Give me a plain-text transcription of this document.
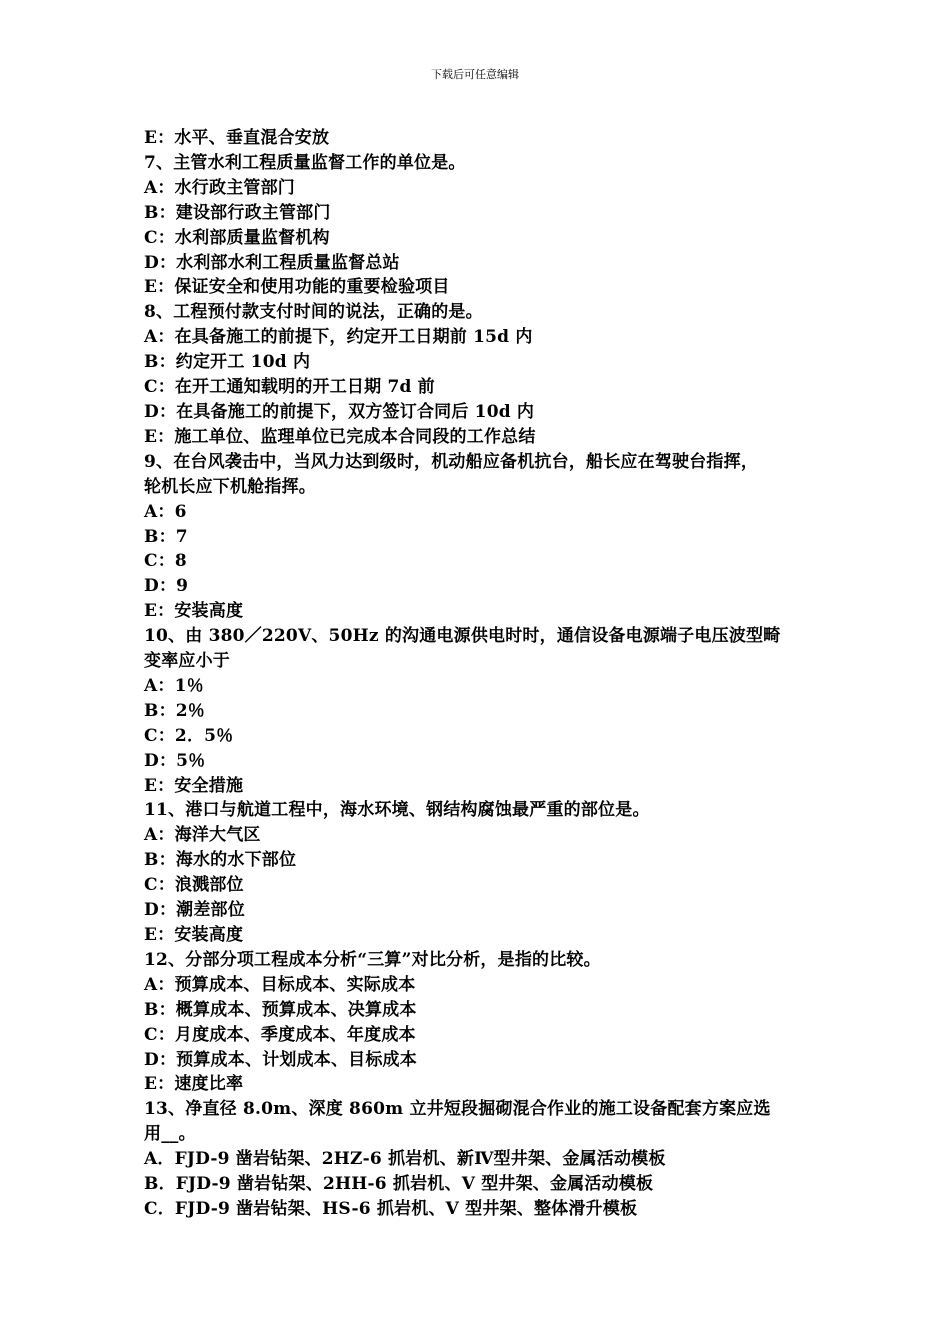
下载后可任意编辑
E：水平、垂直混合安放
7、主管水利工程质量监督工作的单位是。
A：水行政主管部门
B：建设部行政主管部门
C：水利部质量监督机构
D：水利部水利工程质量监督总站
E：保证安全和使用功能的重要检验项目
8、工程预付款支付时间的说法，正确的是。
A：在具备施工的前提下，约定开工日期前 15d 内
B：约定开工 10d 内
C：在开工通知载明的开工日期 7d 前
D：在具备施工的前提下，双方签订合同后 10d 内
E：施工单位、监理单位已完成本合同段的工作总结
9、在台风袭击中，当风力达到级时，机动船应备机抗台，船长应在驾驶台指挥，
轮机长应下机舱指挥。
A：6
B：7
C：8
D：9
E：安装高度
10、由 380／220V、50Hz 的沟通电源供电时时，通信设备电源端子电压波型畸
变率应小于
A：1％
B：2％
C：2．5％
D：5％
E：安全措施
11、港口与航道工程中，海水环境、钢结构腐蚀最严重的部位是。
A：海洋大气区
B：海水的水下部位
C：浪溅部位
D：潮差部位
E：安装高度
12、分部分项工程成本分析“三算”对比分析，是指的比较。
A：预算成本、目标成本、实际成本
B：概算成本、预算成本、决算成本
C：月度成本、季度成本、年度成本
D：预算成本、计划成本、目标成本
E：速度比率
13、净直径 8.0m、深度 860m 立井短段掘砌混合作业的施工设备配套方案应选
用__。
A．FJD-9 凿岩钻架、2HZ-6 抓岩机、新Ⅳ型井架、金属活动模板
B．FJD-9 凿岩钻架、2HH-6 抓岩机、V 型井架、金属活动模板
C．FJD-9 凿岩钻架、HS-6 抓岩机、V 型井架、整体滑升模板
